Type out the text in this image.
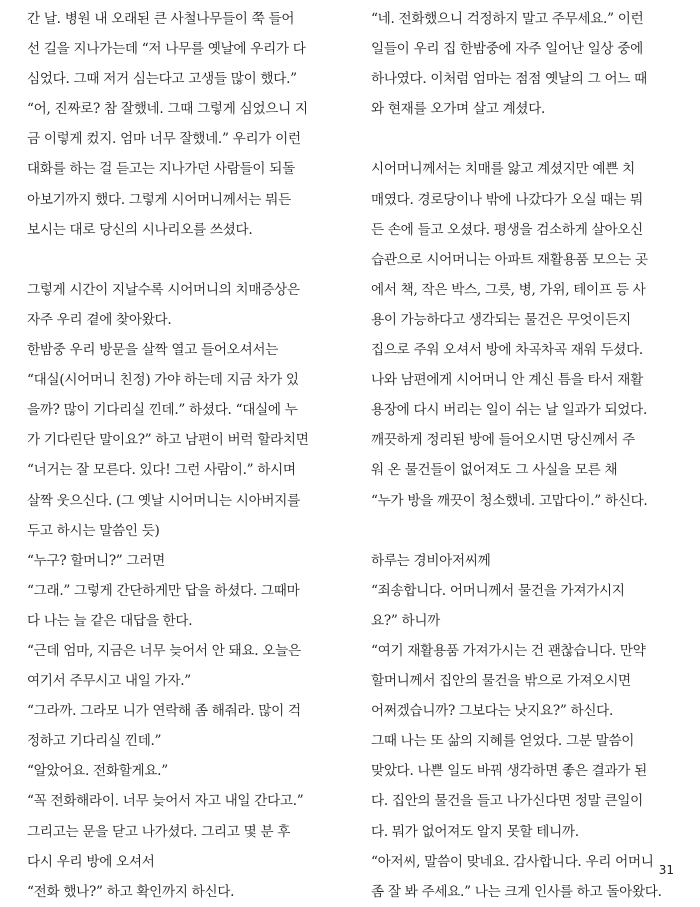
간 날. 병원 내 오래된 큰 사철나무들이 쭉 들어
선 길을 지나가는데 “저 나무를 옛날에 우리가 다
심었다. 그때 저거 심는다고 고생들 많이 했다.”
“어, 진짜로? 참 잘했네. 그때 그렇게 심었으니 지
금 이렇게 컸지. 엄마 너무 잘했네.” 우리가 이런
대화를 하는 걸 듣고는 지나가던 사람들이 되돌
아보기까지 했다. 그렇게 시어머니께서는 뭐든
보시는 대로 당신의 시나리오를 쓰셨다.
그렇게 시간이 지날수록 시어머니의 치매증상은
자주 우리 곁에 찾아왔다.
한밤중 우리 방문을 살짝 열고 들어오셔서는
“대실(시어머니 친정) 가야 하는데 지금 차가 있
을까? 많이 기다리실 낀데.” 하셨다. “대실에 누
가 기다린단 말이요?” 하고 남편이 버럭 할라치면
“너거는 잘 모른다. 있다! 그런 사람이.” 하시며
살짝 웃으신다. (그 옛날 시어머니는 시아버지를
두고 하시는 말씀인 듯)
“누구? 할머니?” 그러면
“그래.” 그렇게 간단하게만 답을 하셨다. 그때마
다 나는 늘 같은 대답을 한다.
“근데 엄마, 지금은 너무 늦어서 안 돼요. 오늘은
여기서 주무시고 내일 가자.”
“그라까. 그라모 니가 연락해 좀 해줘라. 많이 걱
정하고 기다리실 낀데.”
“알았어요. 전화할게요.”
“꼭 전화해라이. 너무 늦어서 자고 내일 간다고.”
그리고는 문을 닫고 나가셨다. 그리고 몇 분 후
다시 우리 방에 오셔서
“전화 했나?” 하고 확인까지 하신다.
“네. 전화했으니 걱정하지 말고 주무세요.” 이런
일들이 우리 집 한밤중에 자주 일어난 일상 중에
하나였다. 이처럼 엄마는 점점 옛날의 그 어느 때
와 현재를 오가며 살고 계셨다.
시어머니께서는 치매를 앓고 계셨지만 예쁜 치
매였다. 경로당이나 밖에 나갔다가 오실 때는 뭐
든 손에 들고 오셨다. 평생을 검소하게 살아오신
습관으로 시어머니는 아파트 재활용품 모으는 곳
에서 책, 작은 박스, 그릇, 병, 가위, 테이프 등 사
용이 가능하다고 생각되는 물건은 무엇이든지
집으로 주워 오셔서 방에 차곡차곡 재워 두셨다.
나와 남편에게 시어머니 안 계신 틈을 타서 재활
용장에 다시 버리는 일이 쉬는 날 일과가 되었다.
깨끗하게 정리된 방에 들어오시면 당신께서 주
워 온 물건들이 없어져도 그 사실을 모른 채
“누가 방을 깨끗이 청소했네. 고맙다이.” 하신다.
하루는 경비아저씨께
“죄송합니다. 어머니께서 물건을 가져가시지
요?” 하니까
“여기 재활용품 가져가시는 건 괜찮습니다. 만약
할머니께서 집안의 물건을 밖으로 가져오시면
어쩌겠습니까? 그보다는 낫지요?” 하신다.
그때 나는 또 삶의 지혜를 얻었다. 그분 말씀이
맞았다. 나쁜 일도 바꿔 생각하면 좋은 결과가 된
다. 집안의 물건을 들고 나가신다면 정말 큰일이
다. 뭐가 없어져도 알지 못할 테니까.
“아저씨, 말씀이 맞네요. 감사합니다. 우리 어머니
좀 잘 봐 주세요.” 나는 크게 인사를 하고 돌아왔다.
31
